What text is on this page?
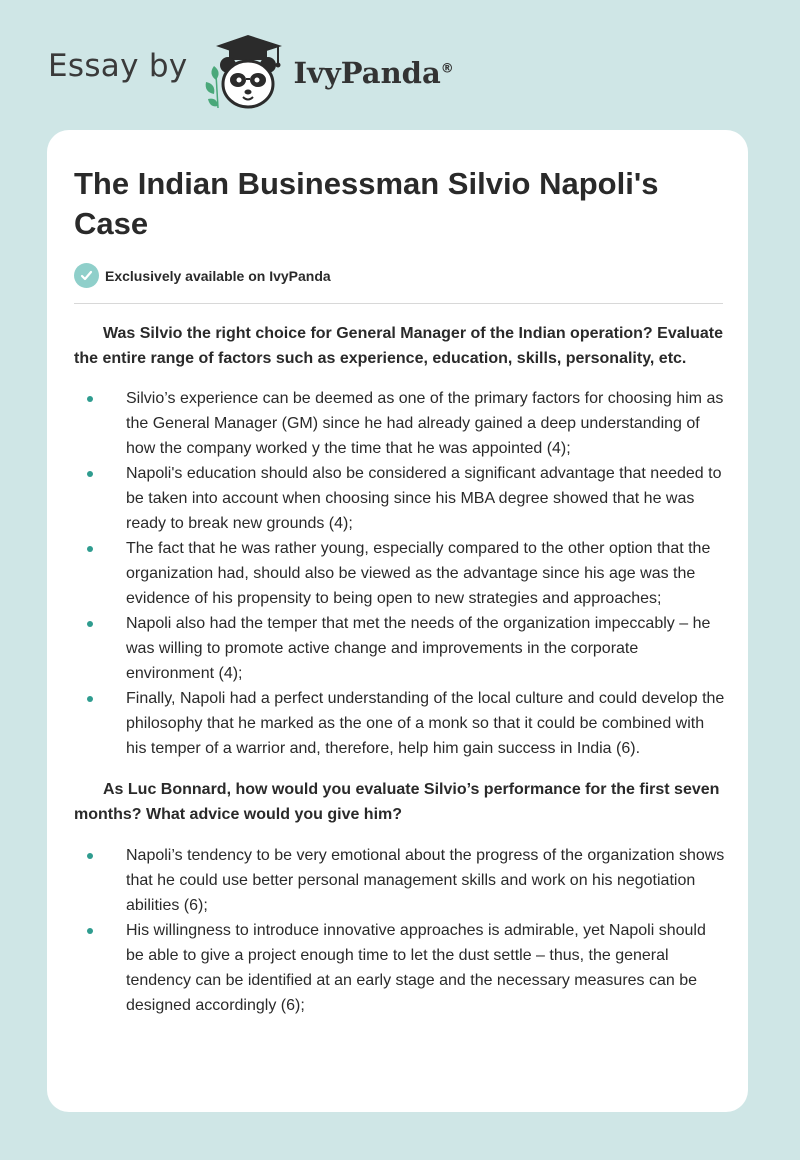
Essay by	IvyPanda®
The Indian Businessman Silvio Napoli's Case
Exclusively available on IvyPanda

Was Silvio the right choice for General Manager of the Indian operation? Evaluate the entire range of factors such as experience, education, skills, personality, etc.

Silvio’s experience can be deemed as one of the primary factors for choosing him as the General Manager (GM) since he had already gained a deep understanding of how the company worked y the time that he was appointed (4);
Napoli's education should also be considered a significant advantage that needed to be taken into account when choosing since his MBA degree showed that he was ready to break new grounds (4);
The fact that he was rather young, especially compared to the other option that the organization had, should also be viewed as the advantage since his age was the evidence of his propensity to being open to new strategies and approaches;
Napoli also had the temper that met the needs of the organization impeccably – he was willing to promote active change and improvements in the corporate environment (4);
Finally, Napoli had a perfect understanding of the local culture and could develop the philosophy that he marked as the one of a monk so that it could be combined with his temper of a warrior and, therefore, help him gain success in India (6).

As Luc Bonnard, how would you evaluate Silvio’s performance for the first seven months? What advice would you give him?

Napoli’s tendency to be very emotional about the progress of the organization shows that he could use better personal management skills and work on his negotiation abilities (6);
His willingness to introduce innovative approaches is admirable, yet Napoli should be able to give a project enough time to let the dust settle – thus, the general tendency can be identified at an early stage and the necessary measures can be designed accordingly (6);
